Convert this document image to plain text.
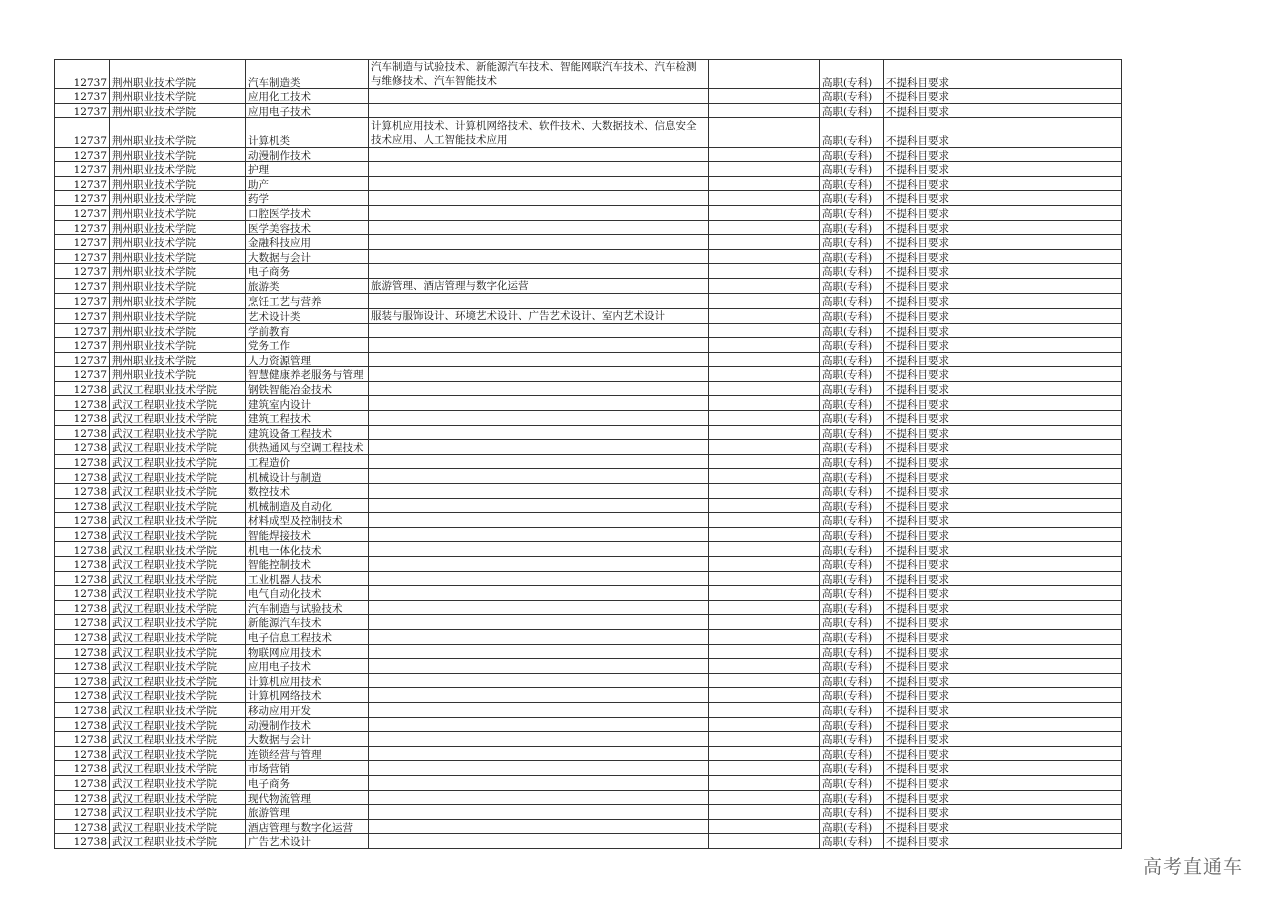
12737	荆州职业技术学院	汽车制造类	汽车制造与试验技术、新能源汽车技术、智能网联汽车技术、汽车检测与维修技术、汽车智能技术		高职(专科)	不提科目要求
12737	荆州职业技术学院	应用化工技术			高职(专科)	不提科目要求
12737	荆州职业技术学院	应用电子技术			高职(专科)	不提科目要求
12737	荆州职业技术学院	计算机类	计算机应用技术、计算机网络技术、软件技术、大数据技术、信息安全技术应用、人工智能技术应用		高职(专科)	不提科目要求
12737	荆州职业技术学院	动漫制作技术			高职(专科)	不提科目要求
12737	荆州职业技术学院	护理			高职(专科)	不提科目要求
12737	荆州职业技术学院	助产			高职(专科)	不提科目要求
12737	荆州职业技术学院	药学			高职(专科)	不提科目要求
12737	荆州职业技术学院	口腔医学技术			高职(专科)	不提科目要求
12737	荆州职业技术学院	医学美容技术			高职(专科)	不提科目要求
12737	荆州职业技术学院	金融科技应用			高职(专科)	不提科目要求
12737	荆州职业技术学院	大数据与会计			高职(专科)	不提科目要求
12737	荆州职业技术学院	电子商务			高职(专科)	不提科目要求
12737	荆州职业技术学院	旅游类	旅游管理、酒店管理与数字化运营		高职(专科)	不提科目要求
12737	荆州职业技术学院	烹饪工艺与营养			高职(专科)	不提科目要求
12737	荆州职业技术学院	艺术设计类	服装与服饰设计、环境艺术设计、广告艺术设计、室内艺术设计		高职(专科)	不提科目要求
12737	荆州职业技术学院	学前教育			高职(专科)	不提科目要求
12737	荆州职业技术学院	党务工作			高职(专科)	不提科目要求
12737	荆州职业技术学院	人力资源管理			高职(专科)	不提科目要求
12737	荆州职业技术学院	智慧健康养老服务与管理			高职(专科)	不提科目要求
12738	武汉工程职业技术学院	钢铁智能冶金技术			高职(专科)	不提科目要求
12738	武汉工程职业技术学院	建筑室内设计			高职(专科)	不提科目要求
12738	武汉工程职业技术学院	建筑工程技术			高职(专科)	不提科目要求
12738	武汉工程职业技术学院	建筑设备工程技术			高职(专科)	不提科目要求
12738	武汉工程职业技术学院	供热通风与空调工程技术			高职(专科)	不提科目要求
12738	武汉工程职业技术学院	工程造价			高职(专科)	不提科目要求
12738	武汉工程职业技术学院	机械设计与制造			高职(专科)	不提科目要求
12738	武汉工程职业技术学院	数控技术			高职(专科)	不提科目要求
12738	武汉工程职业技术学院	机械制造及自动化			高职(专科)	不提科目要求
12738	武汉工程职业技术学院	材料成型及控制技术			高职(专科)	不提科目要求
12738	武汉工程职业技术学院	智能焊接技术			高职(专科)	不提科目要求
12738	武汉工程职业技术学院	机电一体化技术			高职(专科)	不提科目要求
12738	武汉工程职业技术学院	智能控制技术			高职(专科)	不提科目要求
12738	武汉工程职业技术学院	工业机器人技术			高职(专科)	不提科目要求
12738	武汉工程职业技术学院	电气自动化技术			高职(专科)	不提科目要求
12738	武汉工程职业技术学院	汽车制造与试验技术			高职(专科)	不提科目要求
12738	武汉工程职业技术学院	新能源汽车技术			高职(专科)	不提科目要求
12738	武汉工程职业技术学院	电子信息工程技术			高职(专科)	不提科目要求
12738	武汉工程职业技术学院	物联网应用技术			高职(专科)	不提科目要求
12738	武汉工程职业技术学院	应用电子技术			高职(专科)	不提科目要求
12738	武汉工程职业技术学院	计算机应用技术			高职(专科)	不提科目要求
12738	武汉工程职业技术学院	计算机网络技术			高职(专科)	不提科目要求
12738	武汉工程职业技术学院	移动应用开发			高职(专科)	不提科目要求
12738	武汉工程职业技术学院	动漫制作技术			高职(专科)	不提科目要求
12738	武汉工程职业技术学院	大数据与会计			高职(专科)	不提科目要求
12738	武汉工程职业技术学院	连锁经营与管理			高职(专科)	不提科目要求
12738	武汉工程职业技术学院	市场营销			高职(专科)	不提科目要求
12738	武汉工程职业技术学院	电子商务			高职(专科)	不提科目要求
12738	武汉工程职业技术学院	现代物流管理			高职(专科)	不提科目要求
12738	武汉工程职业技术学院	旅游管理			高职(专科)	不提科目要求
12738	武汉工程职业技术学院	酒店管理与数字化运营			高职(专科)	不提科目要求
12738	武汉工程职业技术学院	广告艺术设计			高职(专科)	不提科目要求
高考直通车
